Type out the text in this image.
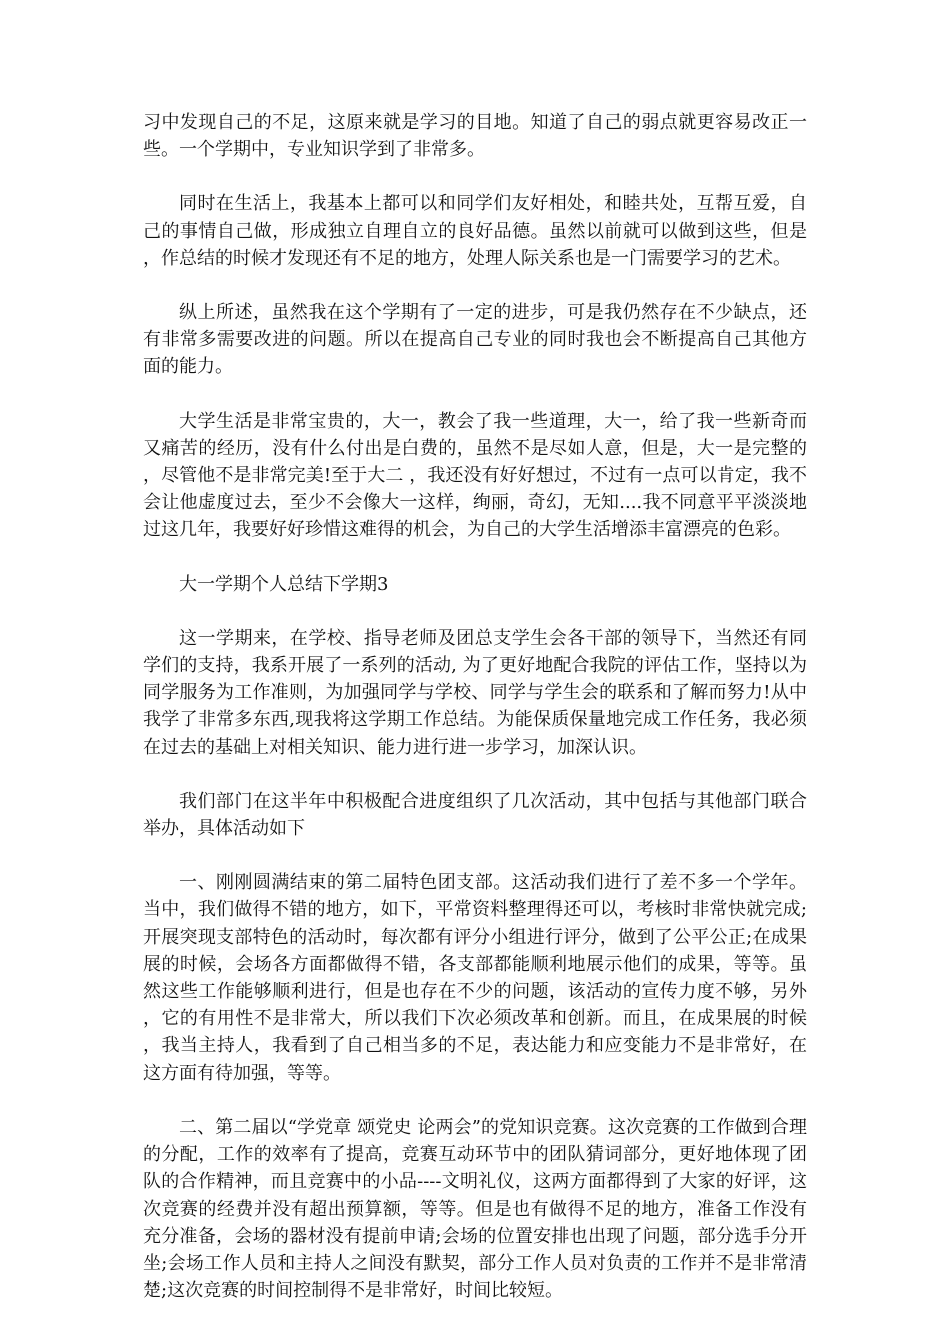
习中发现自己的不足，这原来就是学习的目地。知道了自己的弱点就更容易改正一些。一个学期中，专业知识学到了非常多。

同时在生活上，我基本上都可以和同学们友好相处，和睦共处，互帮互爱，自己的事情自己做，形成独立自理自立的良好品德。虽然以前就可以做到这些，但是，作总结的时候才发现还有不足的地方，处理人际关系也是一门需要学习的艺术。

纵上所述，虽然我在这个学期有了一定的进步，可是我仍然存在不少缺点，还有非常多需要改进的问题。所以在提高自己专业的同时我也会不断提高自己其他方面的能力。

大学生活是非常宝贵的，大一，教会了我一些道理，大一，给了我一些新奇而又痛苦的经历，没有什么付出是白费的，虽然不是尽如人意，但是，大一是完整的，尽管他不是非常完美!至于大二 ，我还没有好好想过，不过有一点可以肯定，我不会让他虚度过去，至少不会像大一这样，绚丽，奇幻，无知....我不同意平平淡淡地过这几年，我要好好珍惜这难得的机会，为自己的大学生活增添丰富漂亮的色彩。

大一学期个人总结下学期3

这一学期来，在学校、指导老师及团总支学生会各干部的领导下，当然还有同学们的支持，我系开展了一系列的活动, 为了更好地配合我院的评估工作，坚持以为同学服务为工作准则，为加强同学与学校、同学与学生会的联系和了解而努力!从中我学了非常多东西,现我将这学期工作总结。为能保质保量地完成工作任务，我必须在过去的基础上对相关知识、能力进行进一步学习，加深认识。

我们部门在这半年中积极配合进度组织了几次活动，其中包括与其他部门联合举办，具体活动如下

一、刚刚圆满结束的第二届特色团支部。这活动我们进行了差不多一个学年。当中，我们做得不错的地方，如下，平常资料整理得还可以，考核时非常快就完成;开展突现支部特色的活动时，每次都有评分小组进行评分，做到了公平公正;在成果展的时候，会场各方面都做得不错，各支部都能顺利地展示他们的成果，等等。虽然这些工作能够顺利进行，但是也存在不少的问题，该活动的宣传力度不够，另外，它的有用性不是非常大，所以我们下次必须改革和创新。而且，在成果展的时候，我当主持人，我看到了自己相当多的不足，表达能力和应变能力不是非常好，在这方面有待加强，等等。

二、第二届以“学党章 颂党史 论两会”的党知识竞赛。这次竞赛的工作做到合理的分配，工作的效率有了提高，竞赛互动环节中的团队猜词部分，更好地体现了团队的合作精神，而且竞赛中的小品----文明礼仪，这两方面都得到了大家的好评，这次竞赛的经费并没有超出预算额，等等。但是也有做得不足的地方，准备工作没有充分准备，会场的器材没有提前申请;会场的位置安排也出现了问题，部分选手分开坐;会场工作人员和主持人之间没有默契，部分工作人员对负责的工作并不是非常清楚;这次竞赛的时间控制得不是非常好，时间比较短。
